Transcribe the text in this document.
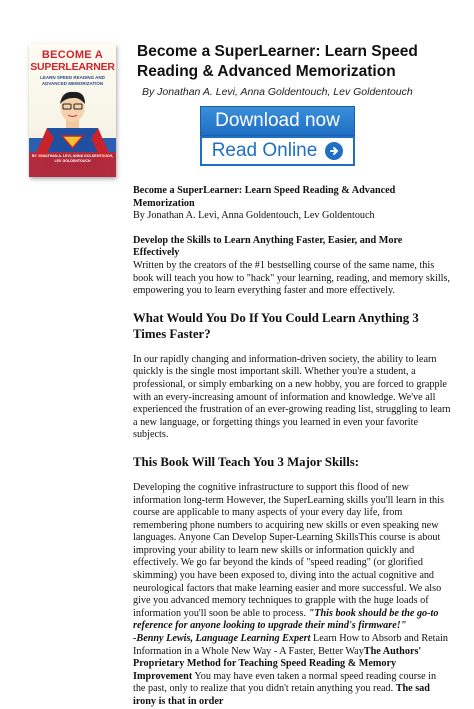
BECOME A
SUPERLEARNER
LEARN SPEED READING AND ADVANCED MEMORIZATION
BY JONATHAN A. LEVI, ANNA GOLDENTOUCH, LEV GOLDENTOUCH
Become a SuperLearner: Learn Speed Reading & Advanced Memorization
By Jonathan A. Levi, Anna Goldentouch, Lev Goldentouch
Download now
Read Online

Become a SuperLearner: Learn Speed Reading & Advanced Memorization

By Jonathan A. Levi, Anna Goldentouch, Lev Goldentouch

Develop the Skills to Learn Anything Faster, Easier, and More Effectively

Written by the creators of the #1 bestselling course of the same name, this book will teach you how to "hack" your learning, reading, and memory skills, empowering you to learn everything faster and more effectively.

What Would You Do If You Could Learn Anything 3 Times Faster?

In our rapidly changing and information-driven society, the ability to learn quickly is the single most important skill. Whether you're a student, a professional, or simply embarking on a new hobby, you are forced to grapple with an every-increasing amount of information and knowledge. We've all experienced the frustration of an ever-growing reading list, struggling to learn a new language, or forgetting things you learned in even your favorite subjects.

This Book Will Teach You 3 Major Skills:

Developing the cognitive infrastructure to support this flood of new information long-term However, the SuperLearning skills you'll learn in this course are applicable to many aspects of your every day life, from remembering phone numbers to acquiring new skills or even speaking new languages. Anyone Can Develop Super-Learning SkillsThis course is about improving your ability to learn new skills or information quickly and effectively. We go far beyond the kinds of "speed reading" (or glorified skimming) you have been exposed to, diving into the actual cognitive and neurological factors that make learning easier and more successful. We also give you advanced memory techniques to grapple with the huge loads of information you'll soon be able to process. "This book should be the go-to reference for anyone looking to upgrade their mind's firmware!"

-Benny Lewis, Language Learning Expert Learn How to Absorb and Retain Information in a Whole New Way - A Faster, Better WayThe Authors' Proprietary Method for Teaching Speed Reading & Memory Improvement You may have even taken a normal speed reading course in the past, only to realize that you didn't retain anything you read. The sad irony is that in order
